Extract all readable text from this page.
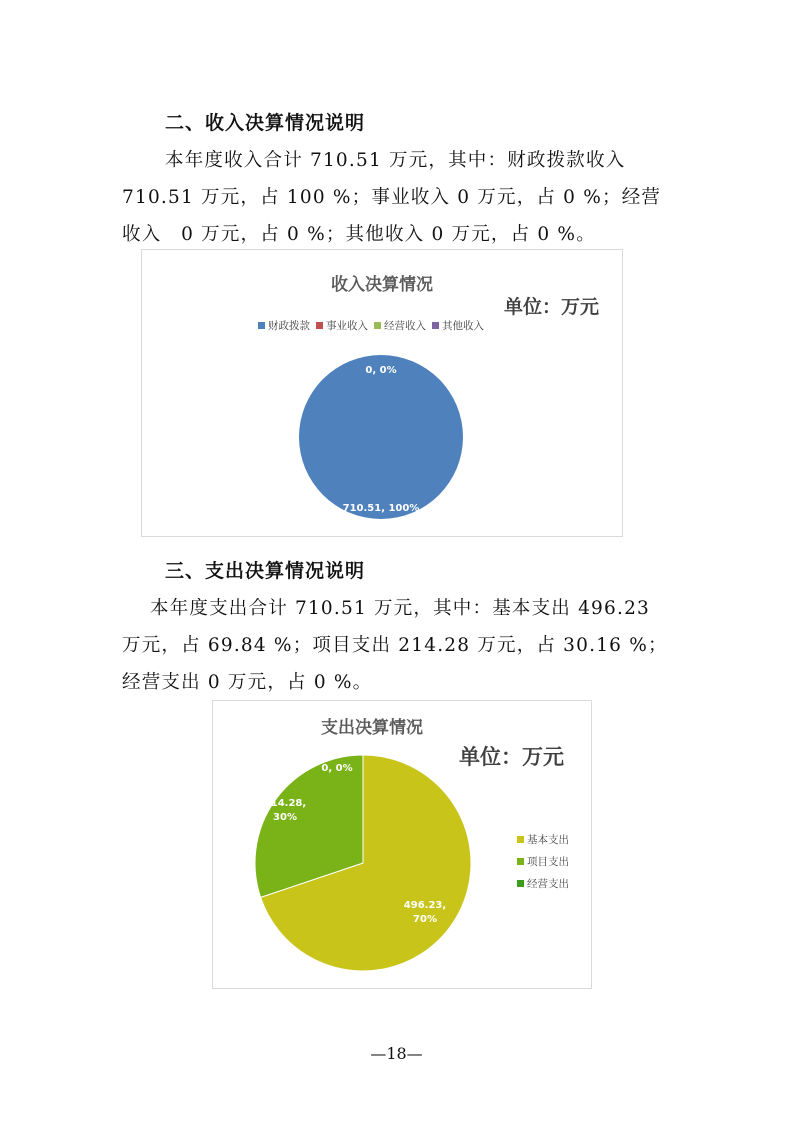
二、收入决算情况说明
本年度收入合计 710.51 万元，其中：财政拨款收入
710.51 万元，占 100 %；事业收入 0 万元，占 0 %；经营
收入　0 万元，占 0 %；其他收入 0 万元，占 0 %。
收入决算情况
单位：万元
财政拨款 事业收入 经营收入 其他收入
0, 0%
710.51, 100%
三、支出决算情况说明
本年度支出合计 710.51 万元，其中：基本支出 496.23
万元，占 69.84 %；项目支出 214.28 万元，占 30.16 %；
经营支出 0 万元，占 0 %。
支出决算情况
单位：万元
0, 0%
214.28,
30%
496.23,
70%
基本支出
项目支出
经营支出
—18—
